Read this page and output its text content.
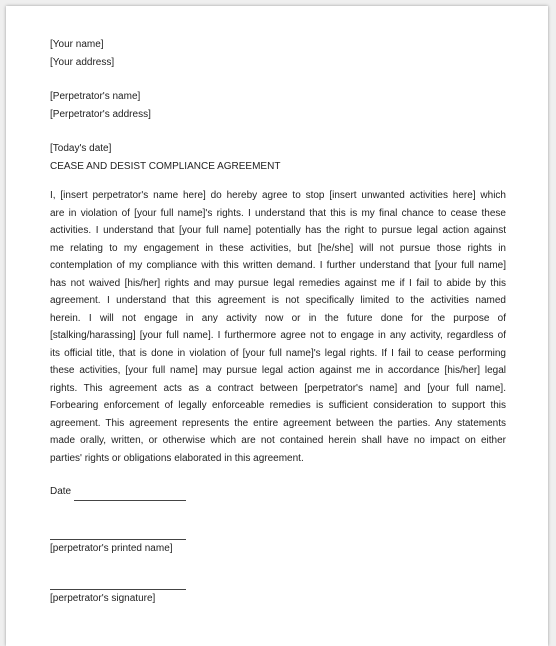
[Your name]
[Your address]
[Perpetrator's name]
[Perpetrator's address]
[Today's date]
CEASE AND DESIST COMPLIANCE AGREEMENT
I, [insert perpetrator's name here] do hereby agree to stop [insert unwanted activities here] which
are in violation of [your full name]'s rights. I understand that this is my final chance to cease these
activities. I understand that [your full name] potentially has the right to pursue legal action against
me relating to my engagement in these activities, but [he/she] will not pursue those rights in
contemplation of my compliance with this written demand. I further understand that [your full name]
has not waived [his/her] rights and may pursue legal remedies against me if I fail to abide by this
agreement. I understand that this agreement is not specifically limited to the activities named
herein. I will not engage in any activity now or in the future done for the purpose of
[stalking/harassing] [your full name]. I furthermore agree not to engage in any activity, regardless of
its official title, that is done in violation of [your full name]'s legal rights. If I fail to cease performing
these activities, [your full name] may pursue legal action against me in accordance [his/her] legal
rights. This agreement acts as a contract between [perpetrator's name] and [your full name].
Forbearing enforcement of legally enforceable remedies is sufficient consideration to support this
agreement. This agreement represents the entire agreement between the parties. Any statements
made orally, written, or otherwise which are not contained herein shall have no impact on either
parties' rights or obligations elaborated in this agreement.
Date
[perpetrator's printed name]
[perpetrator's signature]
